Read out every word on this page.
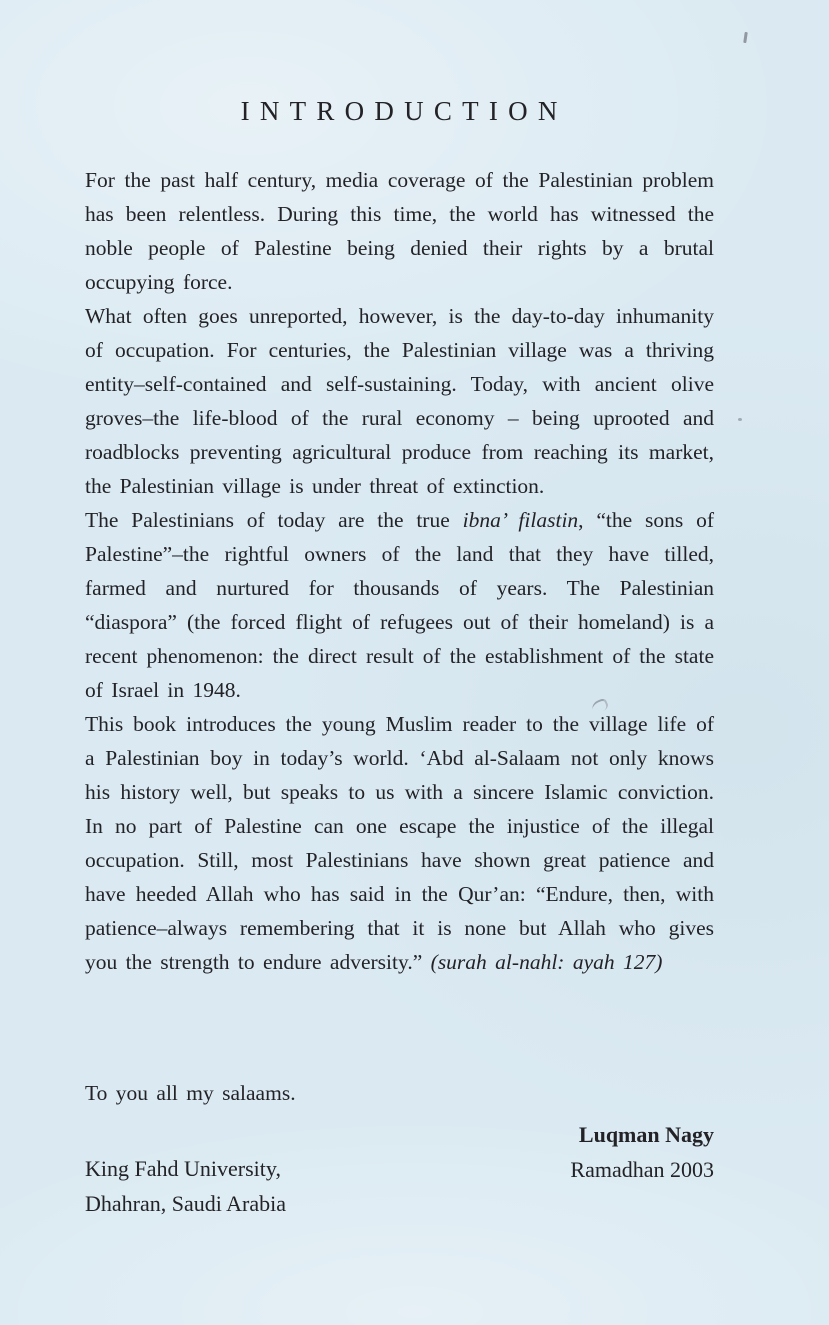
INTRODUCTION

For the past half century, media coverage of the Palestinian problem has been relentless. During this time, the world has witnessed the noble people of Palestine being denied their rights by a brutal occupying force.

What often goes unreported, however, is the day-to-day inhumanity of occupation. For centuries, the Palestinian village was a thriving entity–self-contained and self-sustaining. Today, with ancient olive groves–the life-blood of the rural economy – being uprooted and roadblocks preventing agricultural produce from reaching its market, the Palestinian village is under threat of extinction.

The Palestinians of today are the true ibna’ filastin, “the sons of Palestine”–the rightful owners of the land that they have tilled, farmed and nurtured for thousands of years. The Palestinian “diaspora” (the forced flight of refugees out of their homeland) is a recent phenomenon: the direct result of the establishment of the state of Israel in 1948.

This book introduces the young Muslim reader to the village life of a Palestinian boy in today’s world. ‘Abd al-Salaam not only knows his history well, but speaks to us with a sincere Islamic conviction. In no part of Palestine can one escape the injustice of the illegal occupation. Still, most Palestinians have shown great patience and have heeded Allah who has said in the Qur’an: “Endure, then, with patience–always remembering that it is none but Allah who gives you the strength to endure adversity.” (surah al-nahl: ayah 127)

To you all my salaams.

Luqman Nagy
Ramadhan 2003
King Fahd University,
Dhahran, Saudi Arabia
